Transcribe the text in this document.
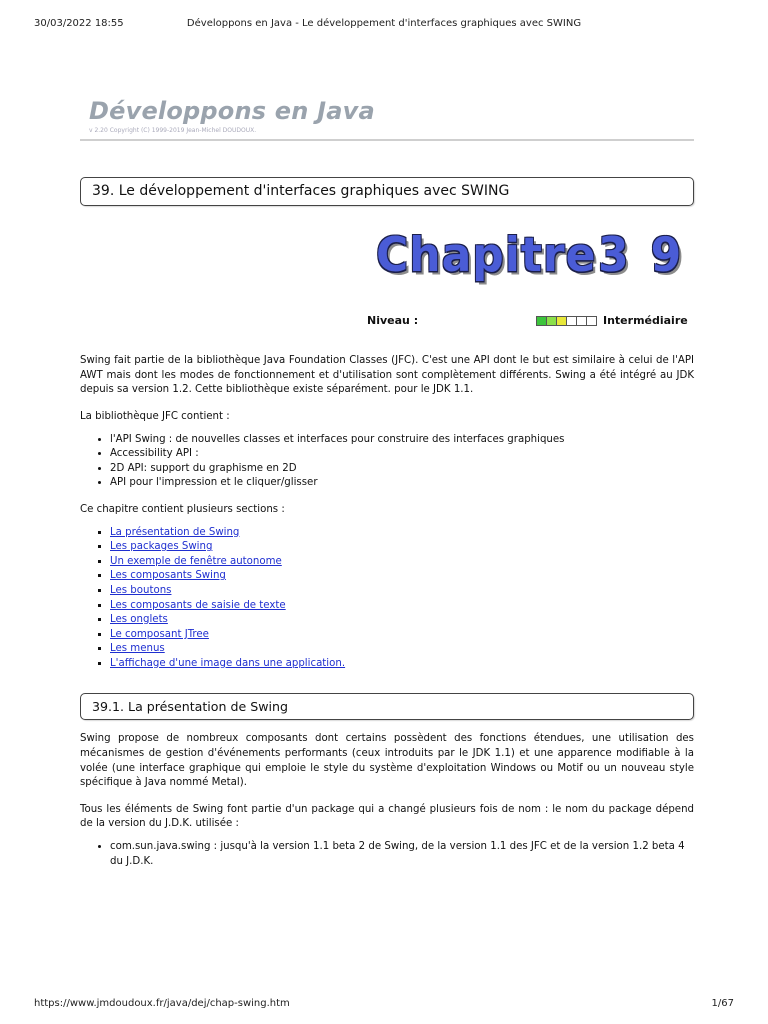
30/03/2022 18:55	Développons en Java - Le développement d'interfaces graphiques avec SWING
Développons en Java
v 2.20 Copyright (C) 1999-2019 Jean-Michel DOUDOUX.
39. Le développement d'interfaces graphiques avec SWING
Chapitre 39
Niveau :	Intermédiaire

Swing fait partie de la bibliothèque Java Foundation Classes (JFC). C'est une API dont le but est similaire à celui de l'API AWT mais dont les modes de fonctionnement et d'utilisation sont complètement différents. Swing a été intégré au JDK depuis sa version 1.2. Cette bibliothèque existe séparément. pour le JDK 1.1.

La bibliothèque JFC contient :

• l'API Swing : de nouvelles classes et interfaces pour construire des interfaces graphiques
• Accessibility API :
• 2D API: support du graphisme en 2D
• API pour l'impression et le cliquer/glisser

Ce chapitre contient plusieurs sections :

▪ La présentation de Swing
▪ Les packages Swing
▪ Un exemple de fenêtre autonome
▪ Les composants Swing
▪ Les boutons
▪ Les composants de saisie de texte
▪ Les onglets
▪ Le composant JTree
▪ Les menus
▪ L'affichage d'une image dans une application.
39.1. La présentation de Swing

Swing propose de nombreux composants dont certains possèdent des fonctions étendues, une utilisation des mécanismes de gestion d'événements performants (ceux introduits par le JDK 1.1) et une apparence modifiable à la volée (une interface graphique qui emploie le style du système d'exploitation Windows ou Motif ou un nouveau style spécifique à Java nommé Metal).

Tous les éléments de Swing font partie d'un package qui a changé plusieurs fois de nom : le nom du package dépend de la version du J.D.K. utilisée :

• com.sun.java.swing : jusqu'à la version 1.1 beta 2 de Swing, de la version 1.1 des JFC et de la version 1.2 beta 4 du J.D.K.
https://www.jmdoudoux.fr/java/dej/chap-swing.htm	1/67
